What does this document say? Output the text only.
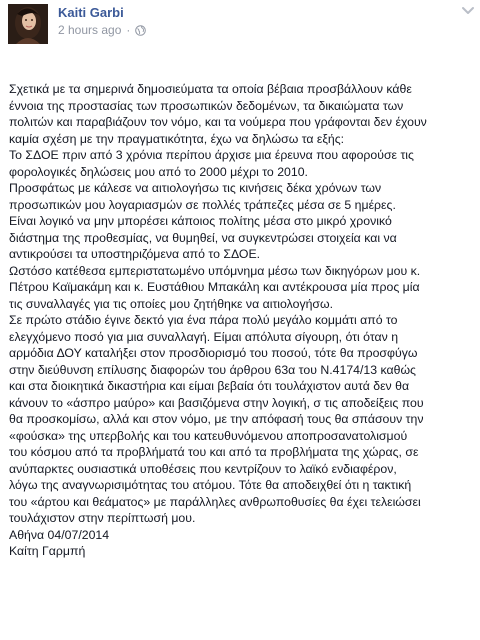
Kaiti Garbi
2 hours ago ·

Σχετικά με τα σημερινά δημοσιεύματα τα οποία βέβαια προσβάλλουν κάθε

έννοια της προστασίας των προσωπικών δεδομένων, τα δικαιώματα των

πολιτών και παραβιάζουν τον νόμο, και τα νούμερα που γράφονται δεν έχουν

καμία σχέση με την πραγματικότητα, έχω να δηλώσω τα εξής:

Το ΣΔΟΕ πριν από 3 χρόνια περίπου άρχισε μια έρευνα που αφορούσε τις

φορολογικές δηλώσεις μου από το 2000 μέχρι το 2010.

Προσφάτως με κάλεσε να αιτιολογήσω τις κινήσεις δέκα χρόνων των

προσωπικών μου λογαριασμών σε πολλές τράπεζες μέσα σε 5 ημέρες.

Είναι λογικό να μην μπορέσει κάποιος πολίτης μέσα στο μικρό χρονικό

διάστημα της προθεσμίας, να θυμηθεί, να συγκεντρώσει στοιχεία και να

αντικρούσει τα υποστηριζόμενα από το ΣΔΟΕ.

Ωστόσο κατέθεσα εμπεριστατωμένο υπόμνημα μέσω των δικηγόρων μου κ.

Πέτρου Καϊμακάμη και κ. Ευστάθιου Μπακάλη και αντέκρουσα μία προς μία

τις συναλλαγές για τις οποίες μου ζητήθηκε να αιτιολογήσω.

Σε πρώτο στάδιο έγινε δεκτό για ένα πάρα πολύ μεγάλο κομμάτι από το

ελεγχόμενο ποσό για μια συναλλαγή. Είμαι απόλυτα σίγουρη, ότι όταν η

αρμόδια ΔΟΥ καταλήξει στον προσδιορισμό του ποσού, τότε θα προσφύγω

στην διεύθυνση επίλυσης διαφορών του άρθρου 63α του Ν.4174/13 καθώς

και στα διοικητικά δικαστήρια και είμαι βεβαία ότι τουλάχιστον αυτά δεν θα

κάνουν το «άσπρο μαύρο» και βασιζόμενα στην λογική, σ τις αποδείξεις που

θα προσκομίσω, αλλά και στον νόμο, με την απόφασή τους θα σπάσουν την

«φούσκα» της υπερβολής και του κατευθυνόμενου αποπροσανατολισμού

του κόσμου από τα προβλήματά του και από τα προβλήματα της χώρας, σε

ανύπαρκτες ουσιαστικά υποθέσεις που κεντρίζουν το λαϊκό ενδιαφέρον,

λόγω της αναγνωρισιμότητας του ατόμου. Τότε θα αποδειχθεί ότι η τακτική

του «άρτου και θεάματος» με παράλληλες ανθρωποθυσίες θα έχει τελειώσει

τουλάχιστον στην περίπτωσή μου.

Αθήνα 04/07/2014

Καίτη Γαρμπή
